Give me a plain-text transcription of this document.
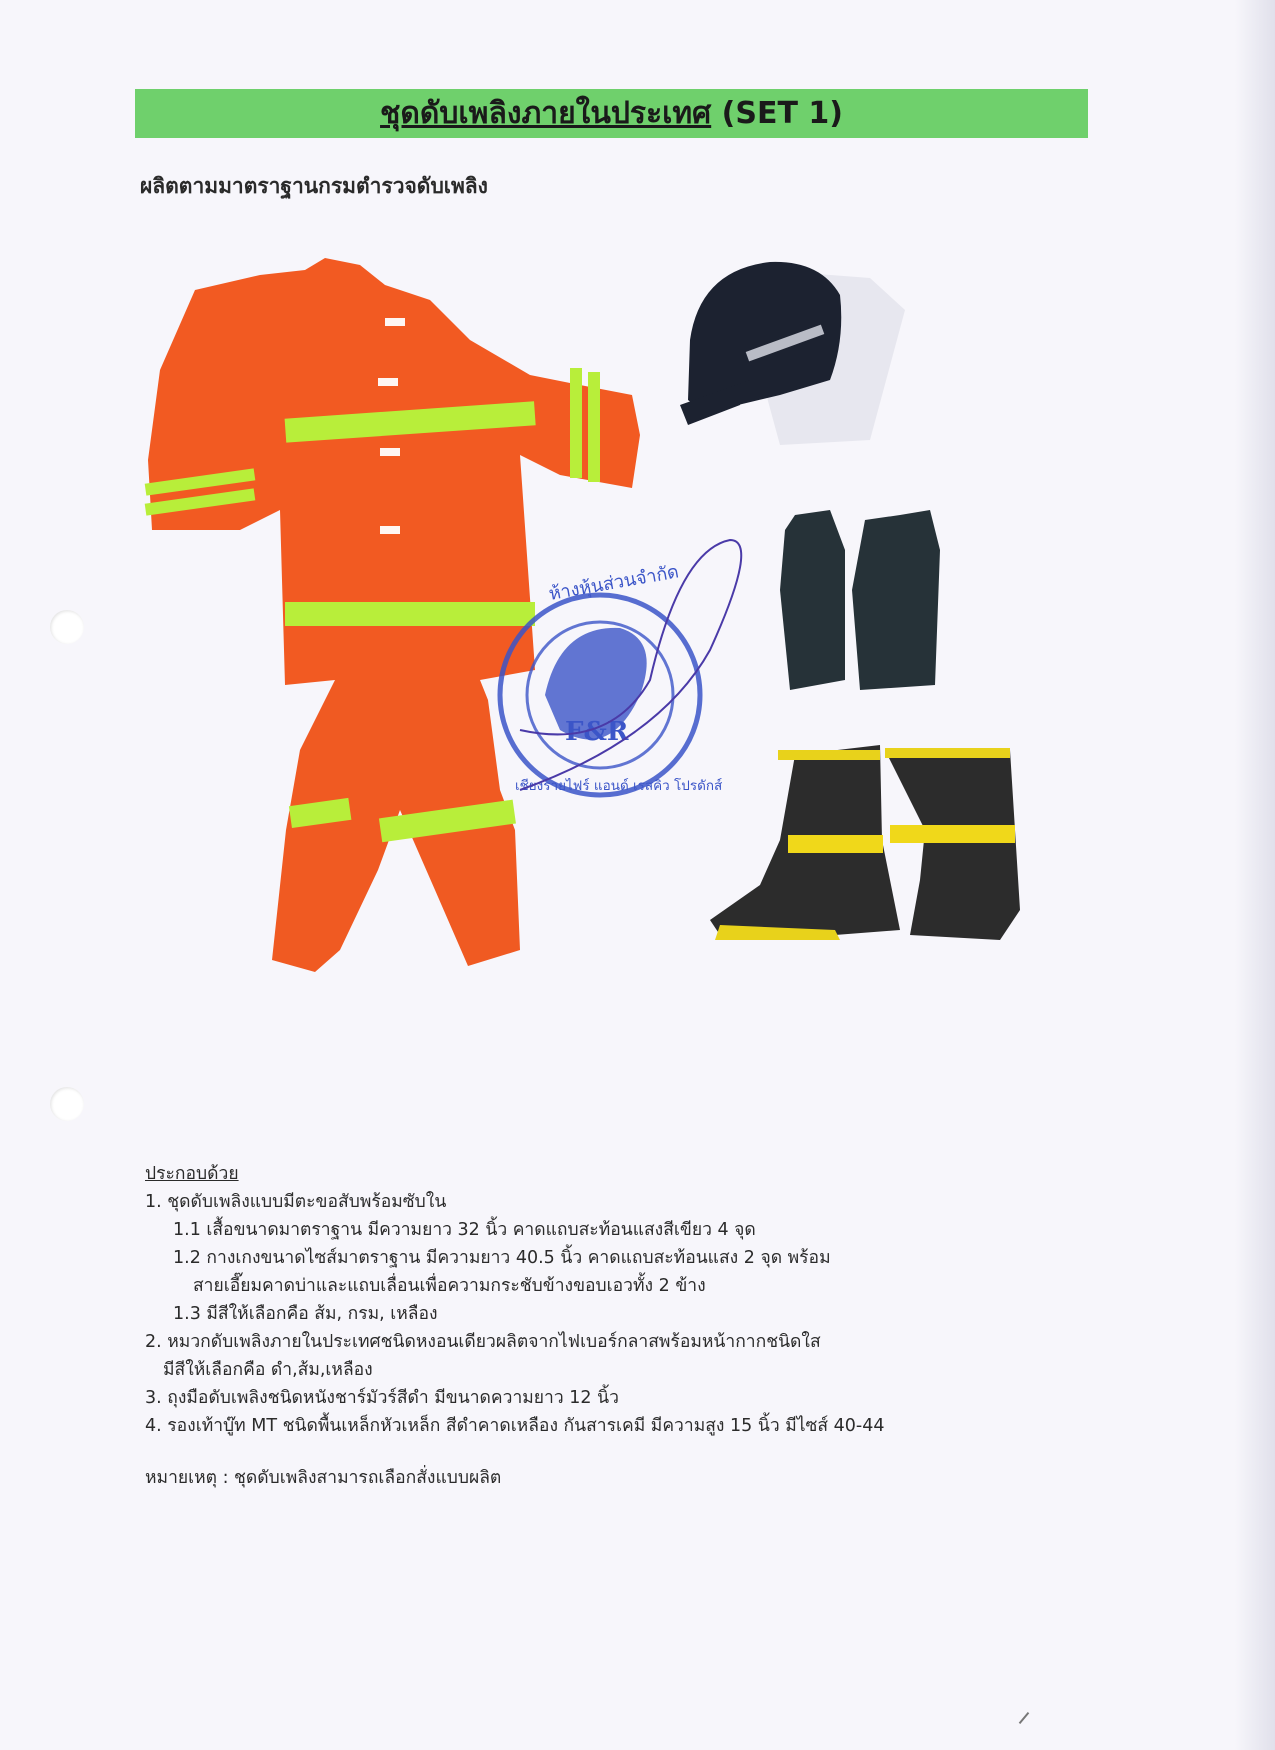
ชุดดับเพลิงภายในประเทศ (SET 1)
ผลิตตามมาตราฐานกรมตำรวจดับเพลิง
ห้างหุ้นส่วนจำกัด
F&R
เชียงรายไฟร์ แอนด์ เรสคิว โปรดักส์
ประกอบด้วย
1. ชุดดับเพลิงแบบมีตะขอสับพร้อมซับใน
1.1 เสื้อขนาดมาตราฐาน มีความยาว 32 นิ้ว คาดแถบสะท้อนแสงสีเขียว 4 จุด
1.2 กางเกงขนาดไซส์มาตราฐาน มีความยาว 40.5 นิ้ว คาดแถบสะท้อนแสง 2 จุด พร้อม
สายเอี๊ยมคาดบ่าและแถบเลื่อนเพื่อความกระชับข้างขอบเอวทั้ง 2 ข้าง
1.3 มีสีให้เลือกคือ ส้ม, กรม, เหลือง
2. หมวกดับเพลิงภายในประเทศชนิดหงอนเดียวผลิตจากไฟเบอร์กลาสพร้อมหน้ากากชนิดใส
มีสีให้เลือกคือ ดำ,ส้ม,เหลือง
3. ถุงมือดับเพลิงชนิดหนังชาร์มัวร์สีดำ มีขนาดความยาว 12 นิ้ว
4. รองเท้าบู๊ท MT ชนิดพื้นเหล็กหัวเหล็ก สีดำคาดเหลือง กันสารเคมี มีความสูง 15 นิ้ว มีไซส์ 40-44
หมายเหตุ : ชุดดับเพลิงสามารถเลือกสั่งแบบผลิต
